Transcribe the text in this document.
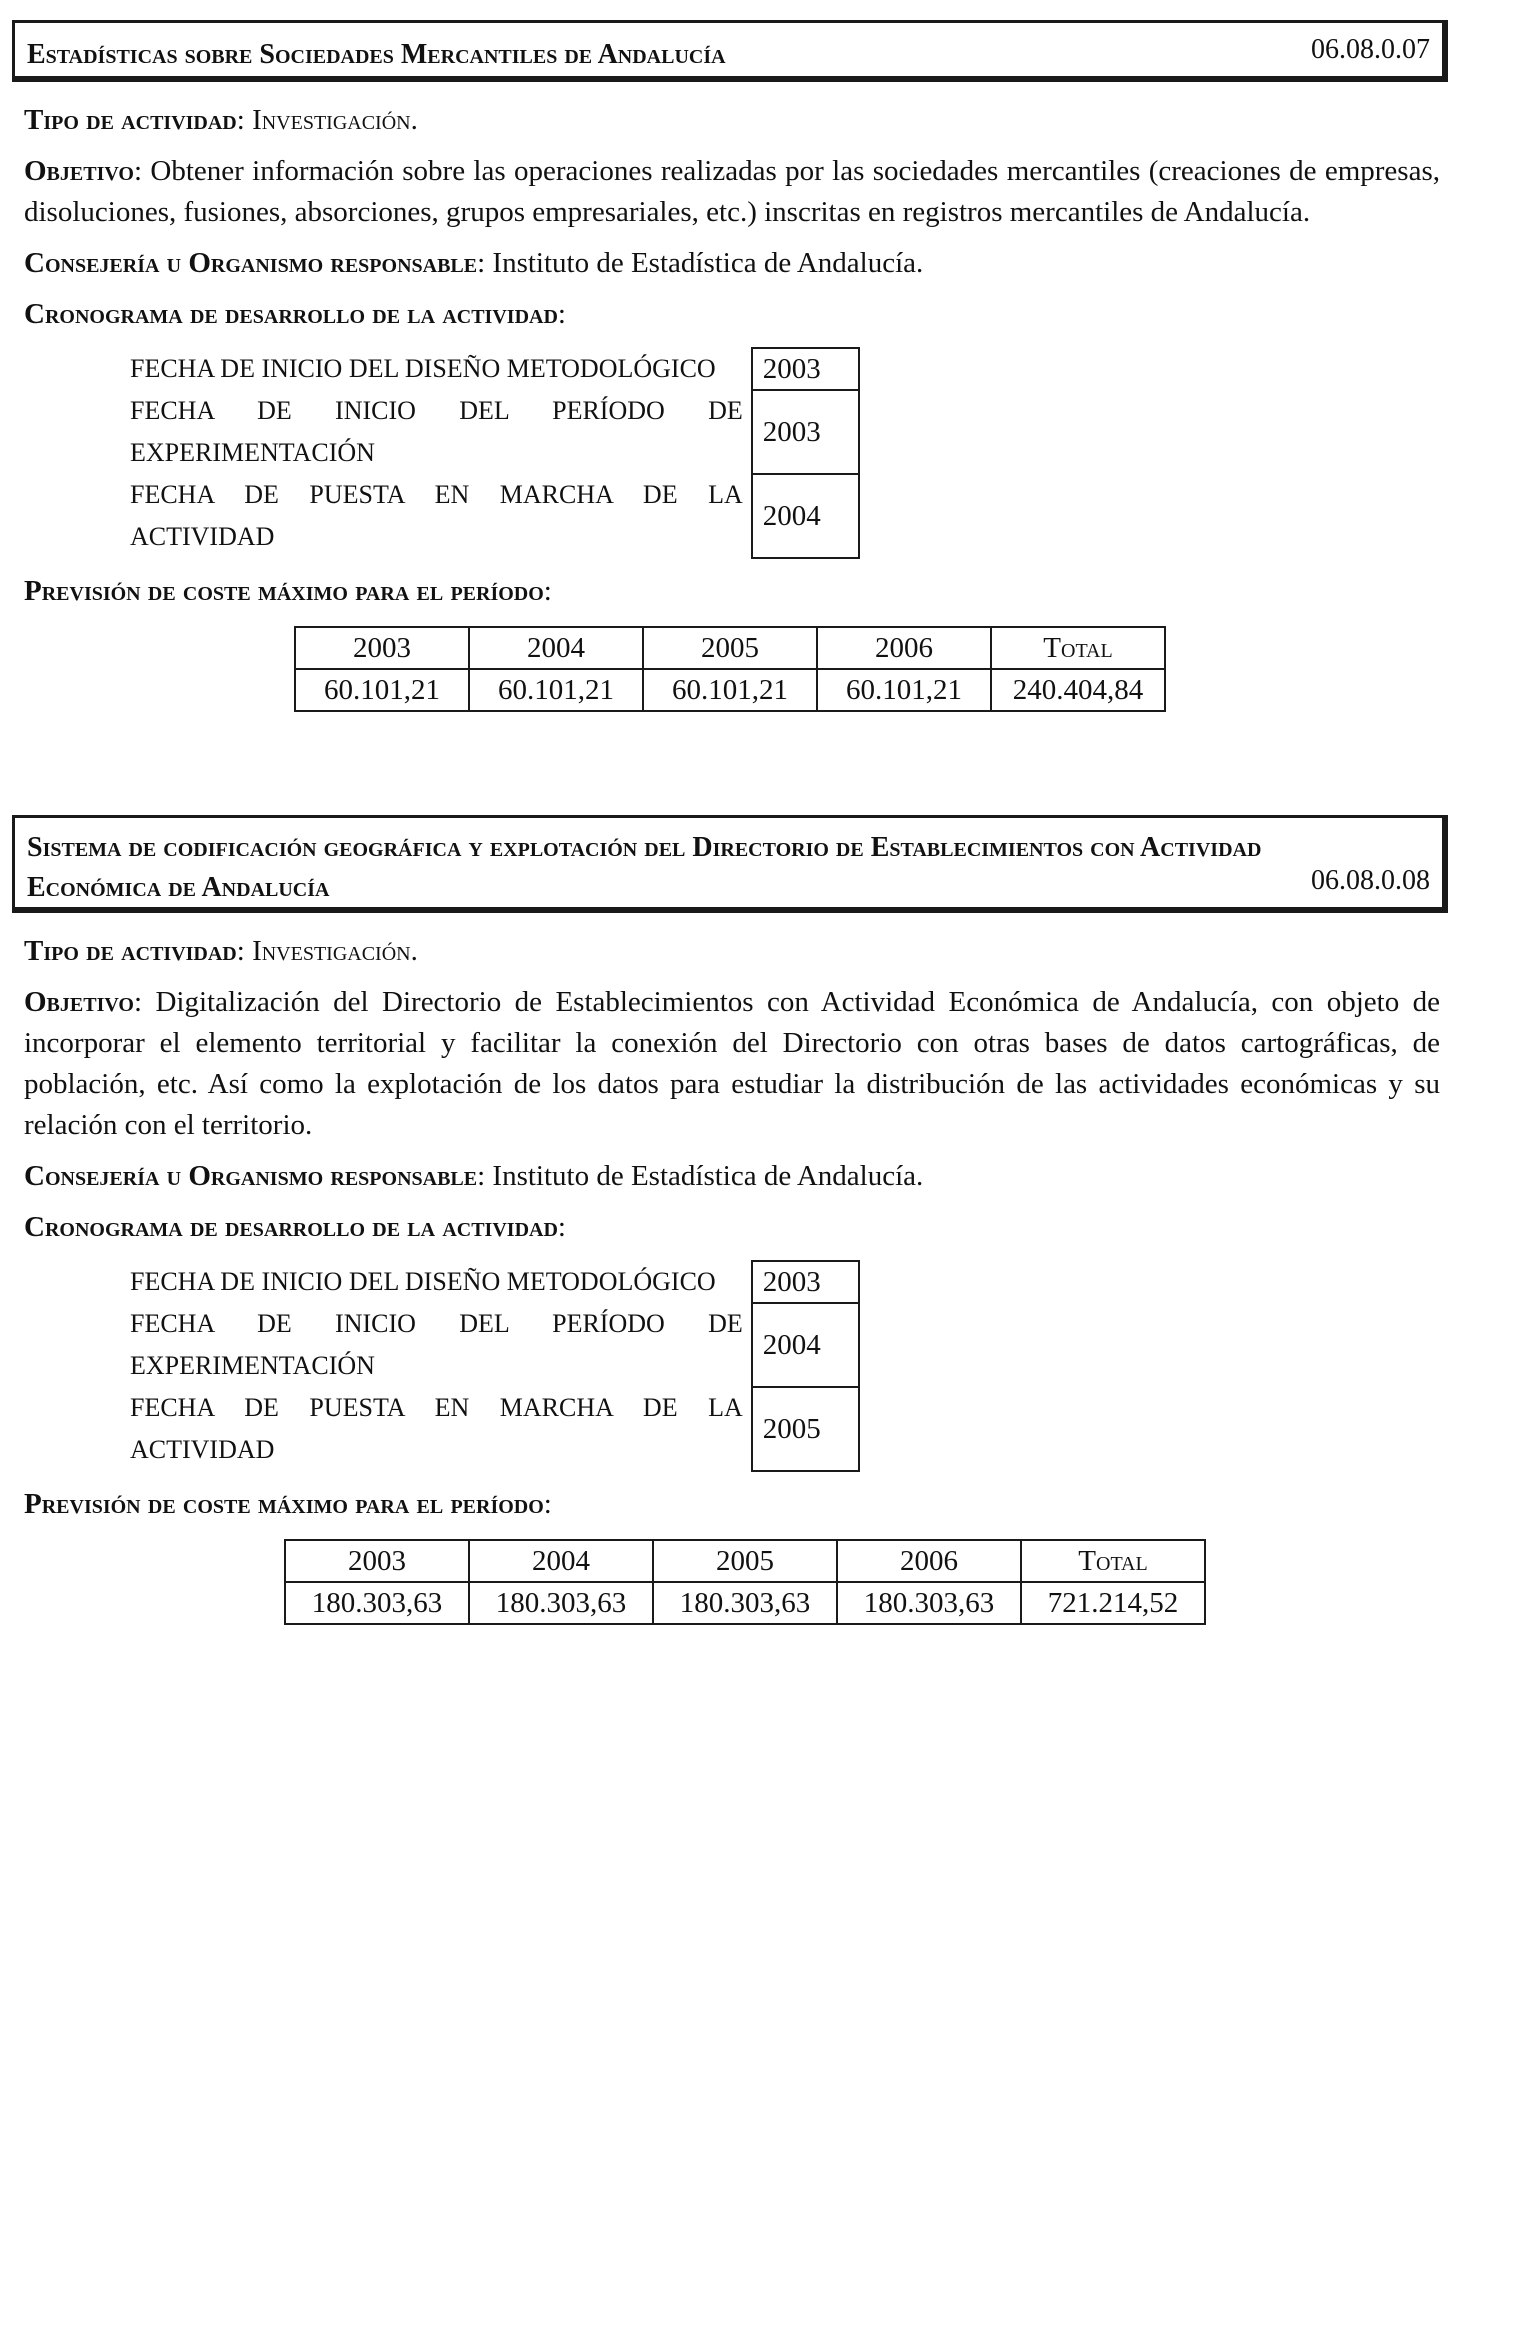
Estadísticas sobre Sociedades Mercantiles de Andalucía	06.08.0.07

Tipo de actividad: Investigación.

Objetivo: Obtener información sobre las operaciones realizadas por las sociedades mercantiles (creaciones de empresas, disoluciones, fusiones, absorciones, grupos empresariales, etc.) inscritas en registros mercantiles de Andalucía.

Consejería u Organismo responsable: Instituto de Estadística de Andalucía.

Cronograma de desarrollo de la actividad:

FECHA DE INICIO DEL DISEÑO METODOLÓGICO	2003
FECHA DE INICIO DEL PERÍODO DE EXPERIMENTACIÓN	2003
FECHA DE PUESTA EN MARCHA DE LA ACTIVIDAD	2004

Previsión de coste máximo para el período:

2003	2004	2005	2006	Total
60.101,21	60.101,21	60.101,21	60.101,21	240.404,84
Sistema de codificación geográfica y explotación del Directorio de Establecimientos con Actividad Económica de Andalucía	06.08.0.08

Tipo de actividad: Investigación.

Objetivo: Digitalización del Directorio de Establecimientos con Actividad Económica de Andalucía, con objeto de incorporar el elemento territorial y facilitar la conexión del Directorio con otras bases de datos cartográficas, de población, etc. Así como la explotación de los datos para estudiar la distribución de las actividades económicas y su relación con el territorio.

Consejería u Organismo responsable: Instituto de Estadística de Andalucía.

Cronograma de desarrollo de la actividad:

FECHA DE INICIO DEL DISEÑO METODOLÓGICO	2003
FECHA DE INICIO DEL PERÍODO DE EXPERIMENTACIÓN	2004
FECHA DE PUESTA EN MARCHA DE LA ACTIVIDAD	2005

Previsión de coste máximo para el período:

2003	2004	2005	2006	Total
180.303,63	180.303,63	180.303,63	180.303,63	721.214,52
